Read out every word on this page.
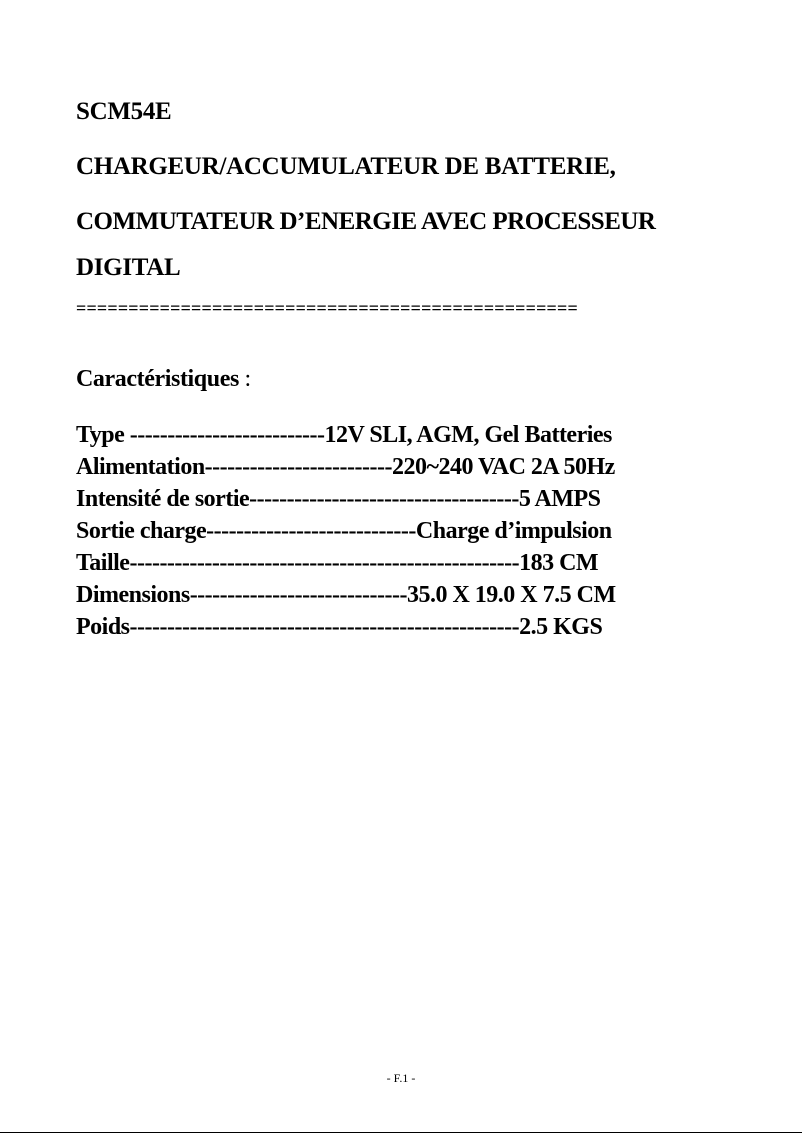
SCM54E
CHARGEUR/ACCUMULATEUR DE BATTERIE,
COMMUTATEUR D’ENERGIE AVEC PROCESSEUR
DIGITAL
================================================
Caractéristiques :
Type --------------------------12V SLI, AGM, Gel Batteries
Alimentation-------------------------220~240 VAC 2A 50Hz
Intensité de sortie------------------------------------5 AMPS
Sortie charge----------------------------Charge d’impulsion
Taille----------------------------------------------------183 CM
Dimensions-----------------------------35.0 X 19.0 X 7.5 CM
Poids----------------------------------------------------2.5 KGS
- F.1 -
